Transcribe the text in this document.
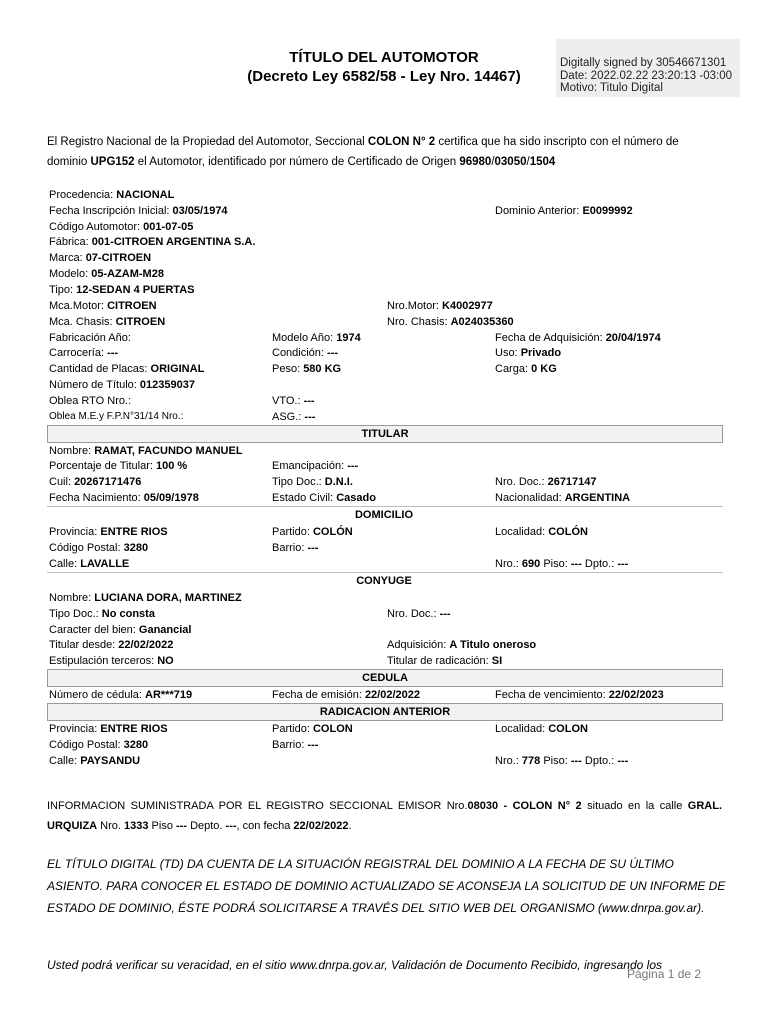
TÍTULO DEL AUTOMOTOR
(Decreto Ley 6582/58 - Ley Nro. 14467)
Digitally signed by 30546671301
Date: 2022.02.22 23:20:13 -03:00
Motivo: Titulo Digital
El Registro Nacional de la Propiedad del Automotor, Seccional COLON N° 2 certifica que ha sido inscripto con el número de dominio UPG152 el Automotor, identificado por número de Certificado de Origen 96980/03050/1504
Procedencia: NACIONAL
Fecha Inscripción Inicial: 03/05/1974	Dominio Anterior: E0099992
Código Automotor: 001-07-05
Fábrica: 001-CITROEN ARGENTINA S.A.
Marca: 07-CITROEN
Modelo: 05-AZAM-M28
Tipo: 12-SEDAN 4 PUERTAS
Mca.Motor: CITROEN	Nro.Motor: K4002977
Mca. Chasis: CITROEN	Nro. Chasis: A024035360
Fabricación Año:	Modelo Año: 1974	Fecha de Adquisición: 20/04/1974
Carrocería: ---	Condición: ---	Uso: Privado
Cantidad de Placas: ORIGINAL	Peso: 580 KG	Carga: 0 KG
Número de Título: 012359037
Oblea RTO Nro.:	VTO.: ---
Oblea M.E.y F.P.N°31/14 Nro.:	ASG.: ---
TITULAR
Nombre: RAMAT, FACUNDO MANUEL
Porcentaje de Titular: 100 %	Emancipación: ---
Cuil: 20267171476	Tipo Doc.: D.N.I.	Nro. Doc.: 26717147
Fecha Nacimiento: 05/09/1978	Estado Civil: Casado	Nacionalidad: ARGENTINA
DOMICILIO
Provincia: ENTRE RIOS	Partido: COLÓN	Localidad: COLÓN
Código Postal: 3280	Barrio: ---
Calle: LAVALLE	Nro.: 690 Piso: --- Dpto.: ---
CONYUGE
Nombre: LUCIANA DORA, MARTINEZ
Tipo Doc.: No consta	Nro. Doc.: ---
Caracter del bien: Ganancial
Titular desde: 22/02/2022	Adquisición: A Titulo oneroso
Estipulación terceros: NO	Titular de radicación: SI
CEDULA
Número de cédula: AR***719	Fecha de emisión: 22/02/2022	Fecha de vencimiento: 22/02/2023
RADICACION ANTERIOR
Provincia: ENTRE RIOS	Partido: COLON	Localidad: COLON
Código Postal: 3280	Barrio: ---
Calle: PAYSANDU	Nro.: 778 Piso: --- Dpto.: ---
INFORMACION SUMINISTRADA POR EL REGISTRO SECCIONAL EMISOR Nro.08030 - COLON N° 2 situado en la calle GRAL. URQUIZA Nro. 1333 Piso --- Depto. ---, con fecha 22/02/2022.
EL TÍTULO DIGITAL (TD) DA CUENTA DE LA SITUACIÓN REGISTRAL DEL DOMINIO A LA FECHA DE SU ÚLTIMO ASIENTO. PARA CONOCER EL ESTADO DE DOMINIO ACTUALIZADO SE ACONSEJA LA SOLICITUD DE UN INFORME DE ESTADO DE DOMINIO, ÉSTE PODRÁ SOLICITARSE A TRAVÉS DEL SITIO WEB DEL ORGANISMO (www.dnrpa.gov.ar).
Usted podrá verificar su veracidad, en el sitio www.dnrpa.gov.ar, Validación de Documento Recibido, ingresando los
Página 1 de 2
